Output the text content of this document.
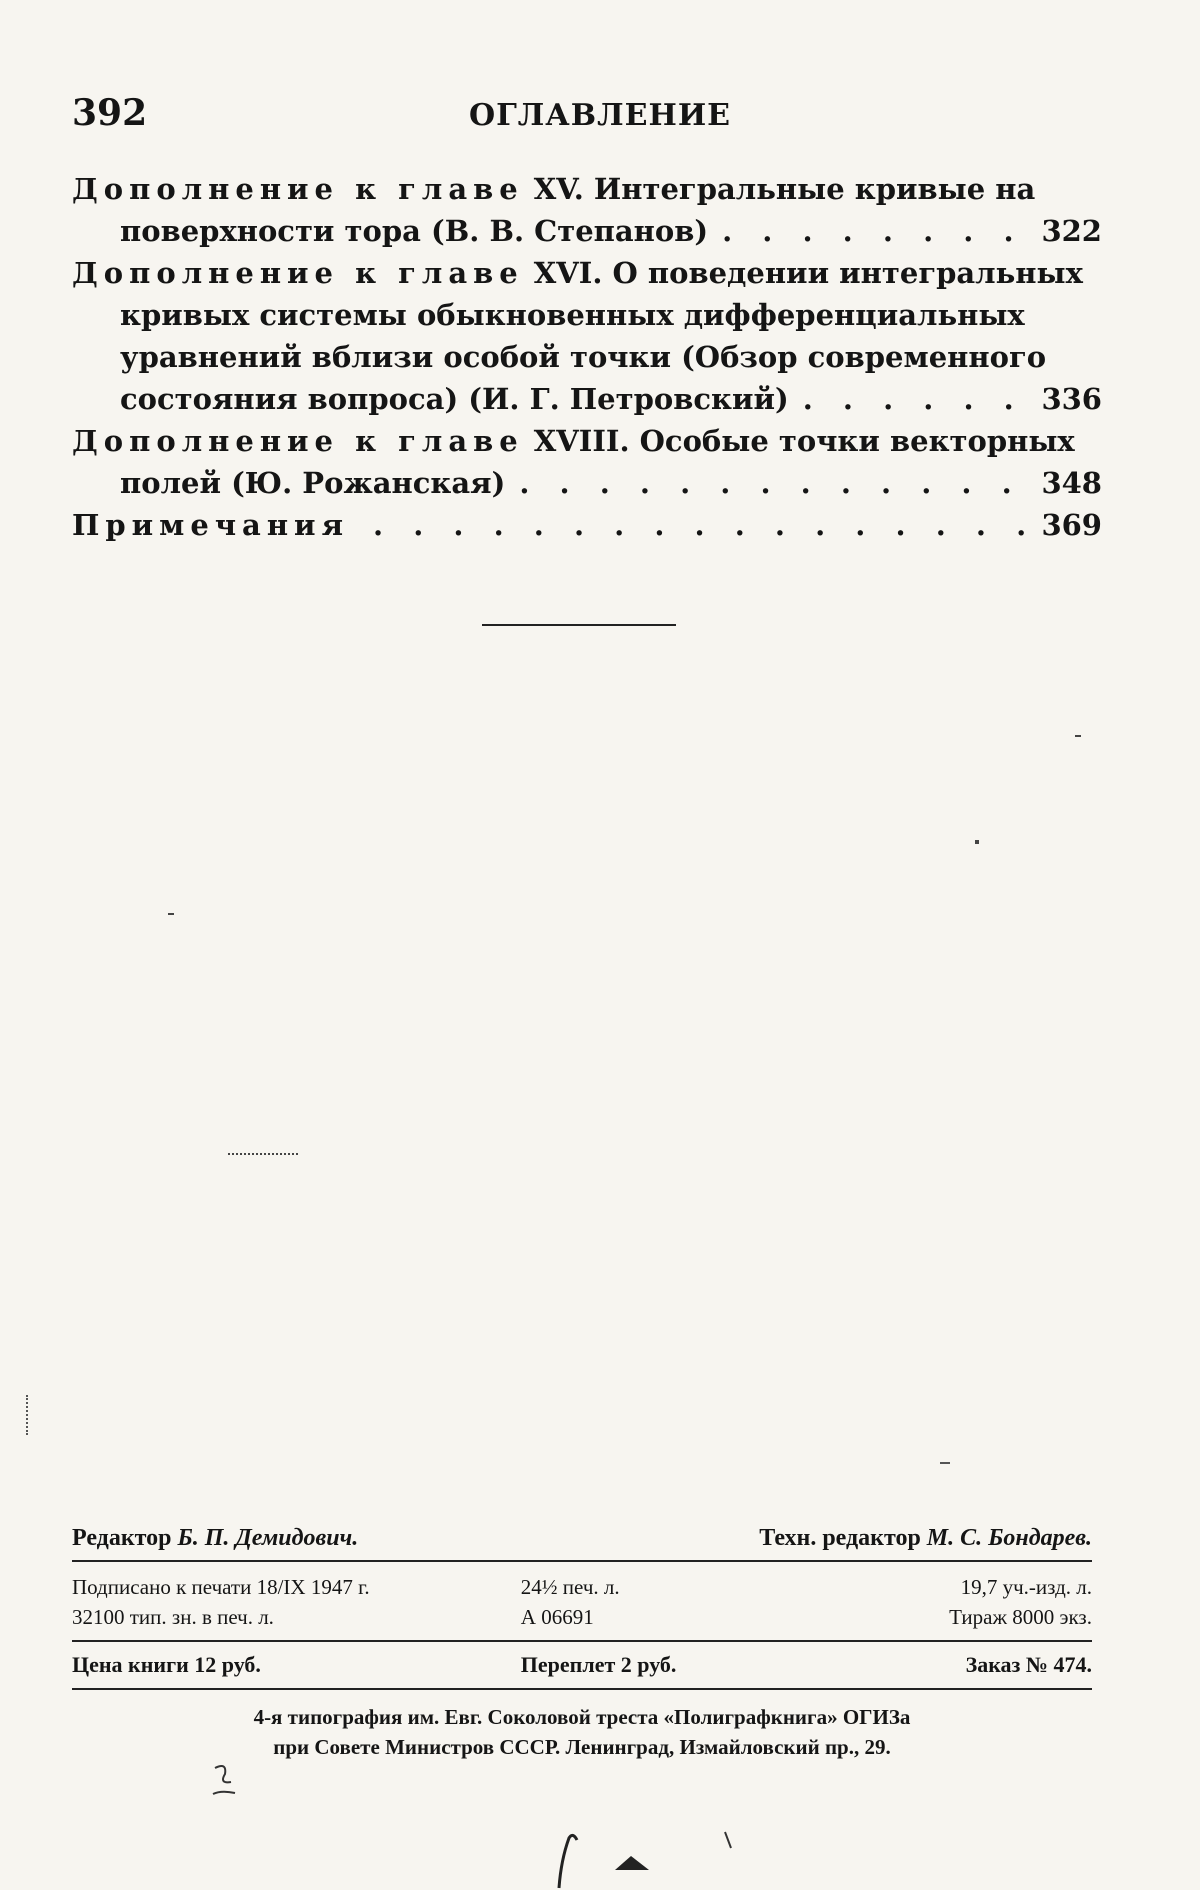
392	ОГЛАВЛЕНИЕ
Дополнение к главе XV. Интегральные кривые на
поверхности тора (В. В. Степанов) . . .	322
Дополнение к главе XVI. О поведении интегральных
кривых системы обыкновенных дифференциальных
уравнений вблизи особой точки (Обзор современного
состояния вопроса) (И. Г. Петровский) . . .	336
Дополнение к главе XVIII. Особые точки векторных
полей (Ю. Рожанская) . . .	348
Примечания . . .	369
Редактор Б. П. Демидович.	Техн. редактор М. С. Бондарев.
Подписано к печати 18/IX 1947 г.	24½ печ. л.	19,7 уч.-изд. л.
32100 тип. зн. в печ. л.	А 06691	Тираж 8000 экз.
Цена книги 12 руб.	Переплет 2 руб.	Заказ № 474.
4-я типография им. Евг. Соколовой треста «Полиграфкнига» ОГИЗа
при Совете Министров СССР. Ленинград, Измайловский пр., 29.
